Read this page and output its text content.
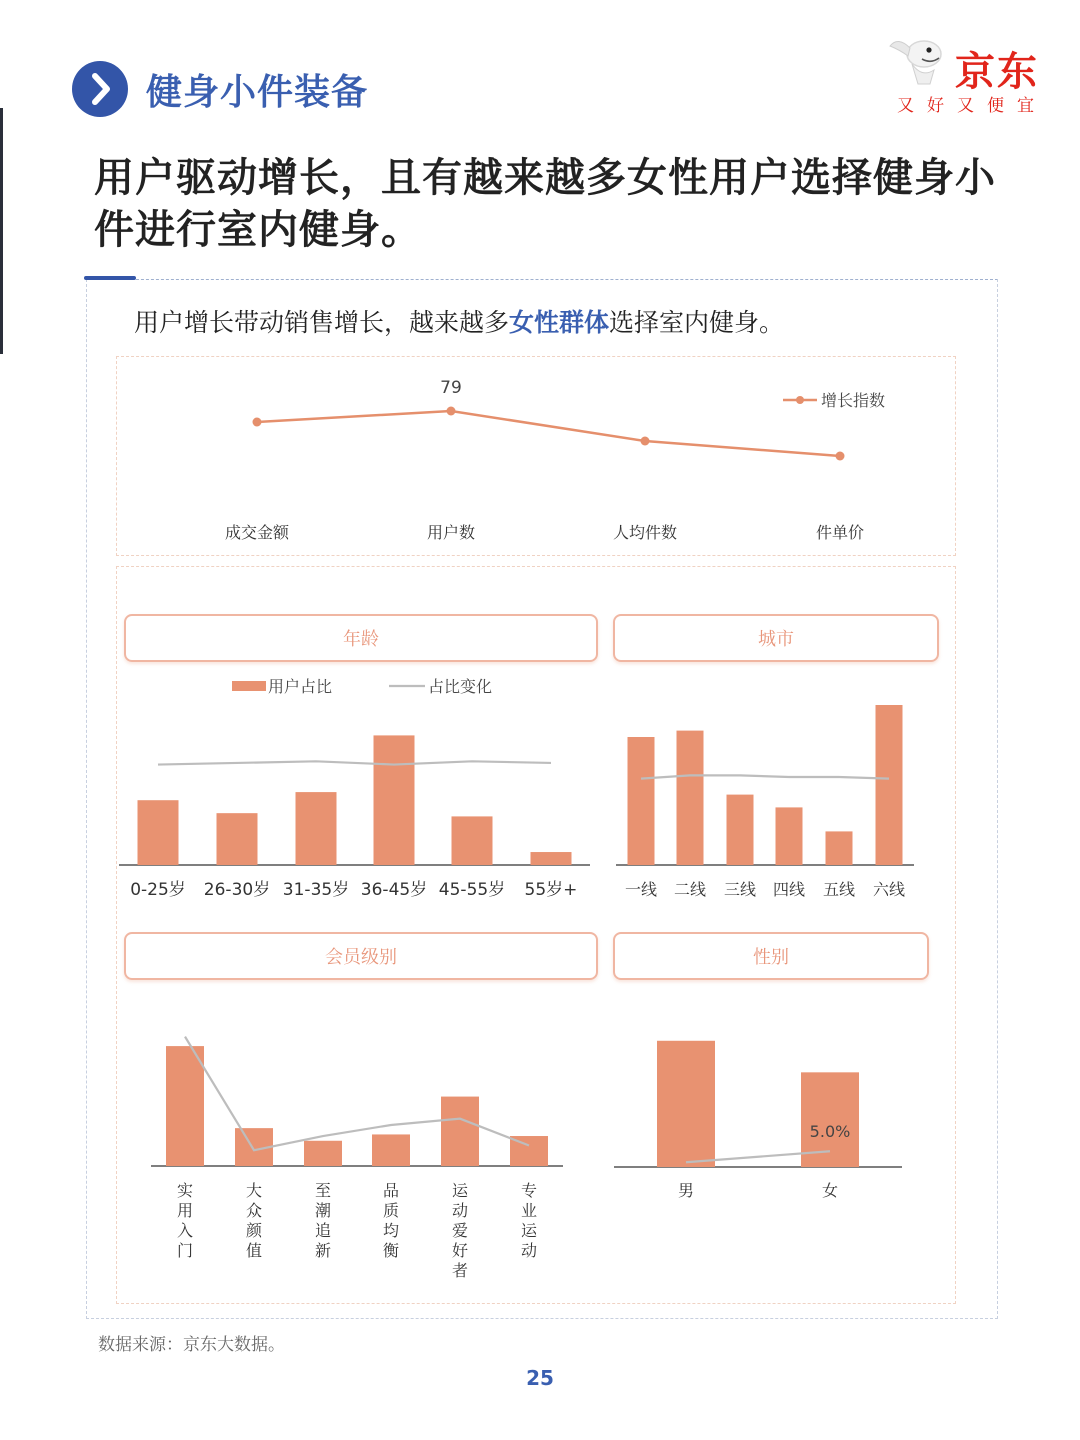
健身小件装备	京东
又好又便宜
用户驱动增长，且有越来越多女性用户选择健身小件进行室内健身。
用户增长带动销售增长，越来越多女性群体选择室内健身。
年龄	城市
会员级别	性别
成交金额
79
用户数	人均件数	件单价
增长指数
0-25岁 26-30岁 31-35岁 36-45岁 45-55岁 55岁+
用户占比	占比变化
一线 二线 三线 四线 五线 六线
实
用
入
门
大
众
颜
值
至
潮
追
新
品
质
均
衡
运
动
爱
好
者
专
业
运
动
男	女
5.0%
数据来源：京东大数据。
25
